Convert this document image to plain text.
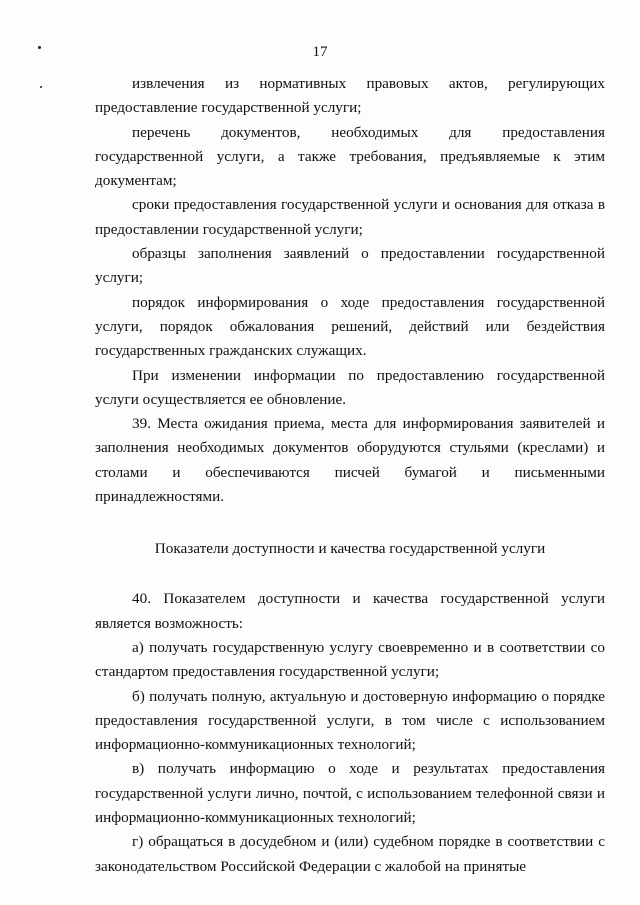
17

извлечения из нормативных правовых актов, регулирующих предоставление государственной услуги;

перечень документов, необходимых для предоставления государственной услуги, а также требования, предъявляемые к этим документам;

сроки предоставления государственной услуги и основания для отказа в предоставлении государственной услуги;

образцы заполнения заявлений о предоставлении государственной услуги;

порядок информирования о ходе предоставления государственной услуги, порядок обжалования решений, действий или бездействия государственных гражданских служащих.

При изменении информации по предоставлению государственной услуги осуществляется ее обновление.

39. Места ожидания приема, места для информирования заявителей и заполнения необходимых документов оборудуются стульями (креслами) и столами и обеспечиваются писчей бумагой и письменными принадлежностями.

Показатели доступности и качества государственной услуги

40. Показателем доступности и качества государственной услуги является возможность:

а) получать государственную услугу своевременно и в соответствии со стандартом предоставления государственной услуги;

б) получать полную, актуальную и достоверную информацию о порядке предоставления государственной услуги, в том числе с использованием информационно-коммуникационных технологий;

в) получать информацию о ходе и результатах предоставления государственной услуги лично, почтой, с использованием телефонной связи и информационно-коммуникационных технологий;

г) обращаться в досудебном и (или) судебном порядке в соответствии с законодательством Российской Федерации с жалобой на принятые
